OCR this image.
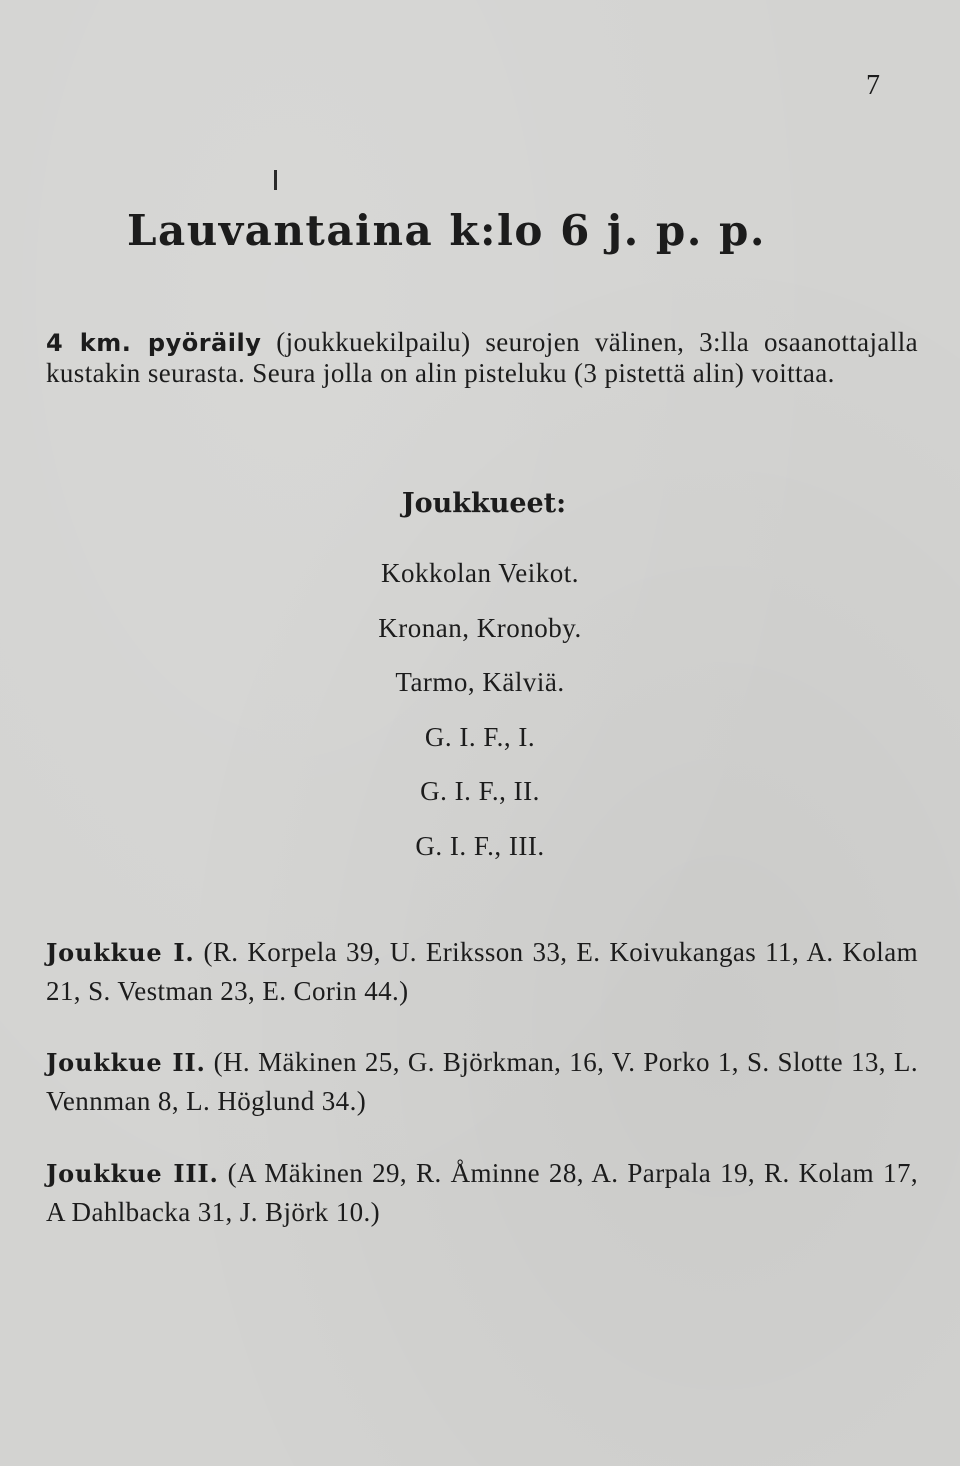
7
Lauvantaina k:lo 6 j. p. p.

4 km. pyöräily (joukkuekilpailu) seurojen välinen, 3:lla osaanottajalla kustakin seurasta. Seura jolla on alin pisteluku (3 pistettä alin) voittaa.

Joukkueet:
Kokkolan Veikot.
Kronan, Kronoby.
Tarmo, Kälviä.
G. I. F., I.
G. I. F., II.
G. I. F., III.

Joukkue I. (R. Korpela 39, U. Eriksson 33, E. Koivukangas 11, A. Kolam 21, S. Vestman 23, E. Corin 44.)

Joukkue II. (H. Mäkinen 25, G. Björkman, 16, V. Porko 1, S. Slotte 13, L. Vennman 8, L. Höglund 34.)

Joukkue III. (A Mäkinen 29, R. Åminne 28, A. Parpala 19, R. Kolam 17, A Dahlbacka 31, J. Björk 10.)
